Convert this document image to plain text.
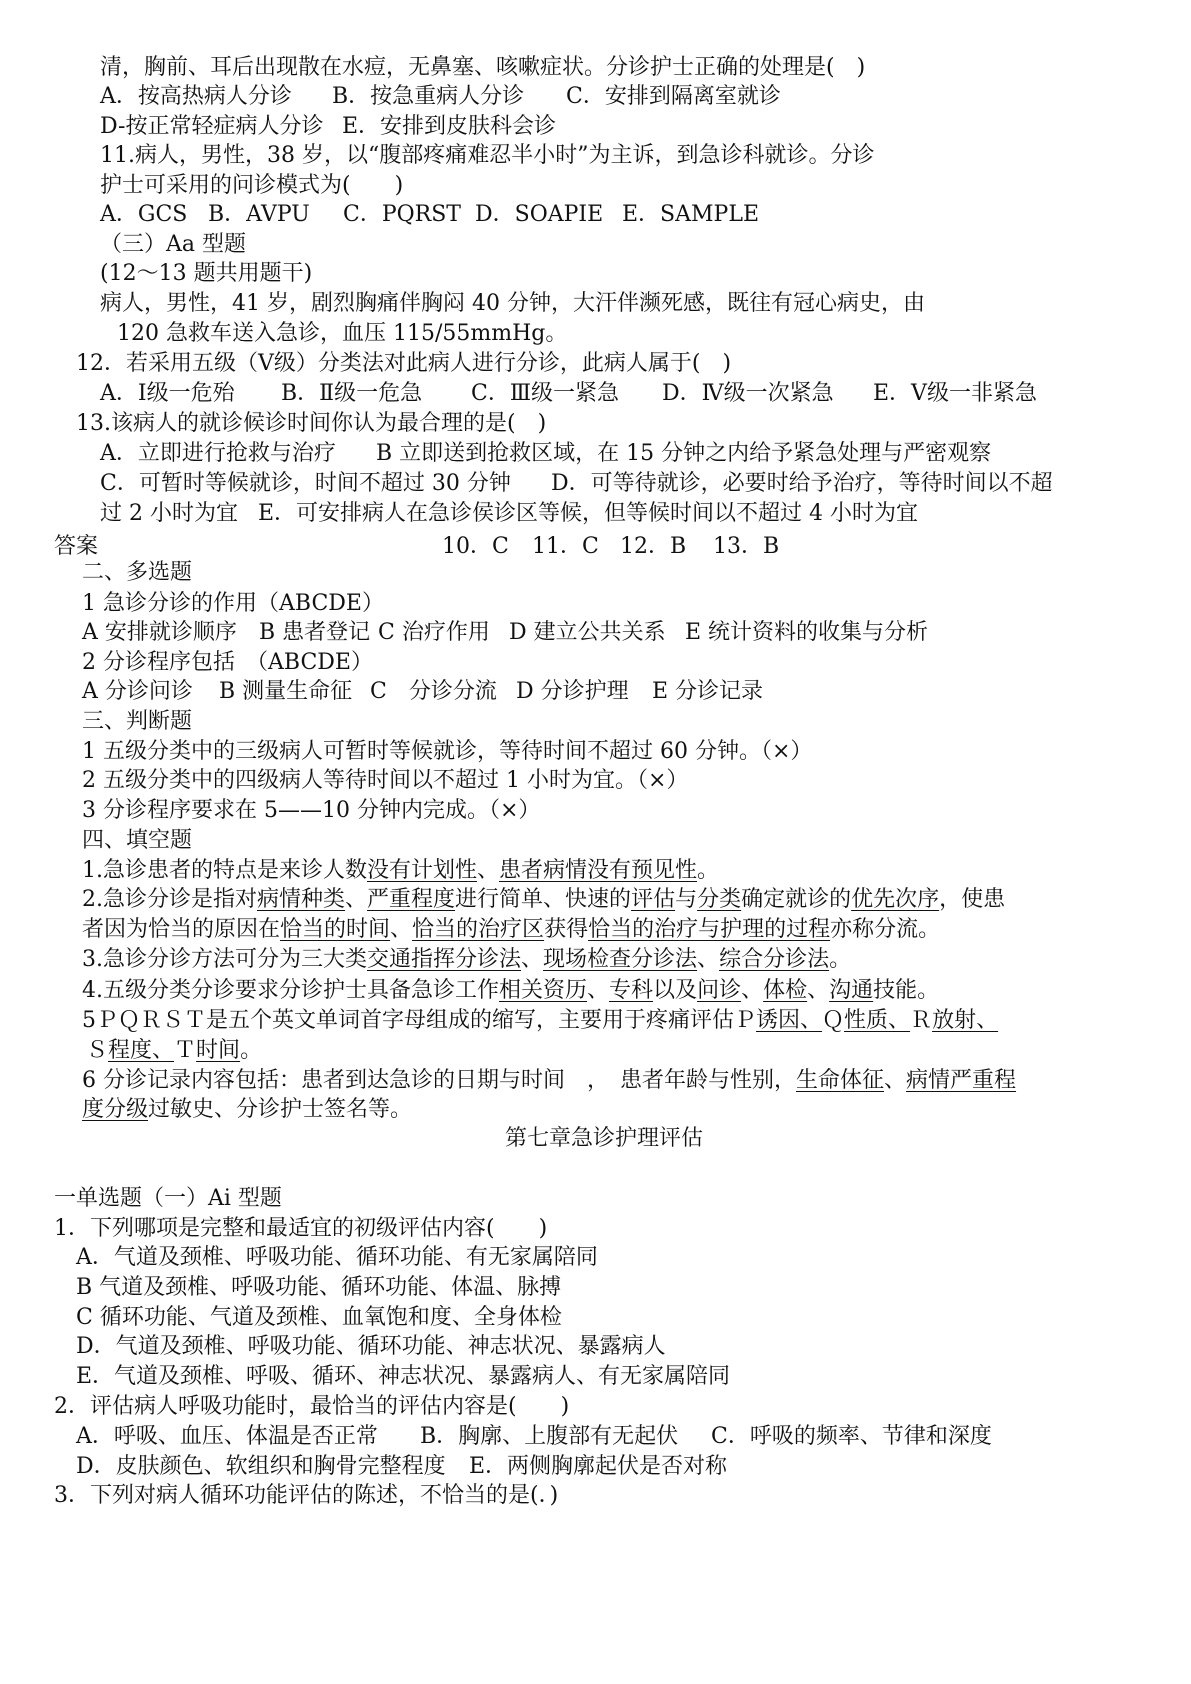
清，胸前、耳后出现散在水痘，无鼻塞、咳嗽症状。分诊护士正确的处理是(　)
A．按高热病人分诊 B．按急重病人分诊 C．安排到隔离室就诊
D-按正常轻症病人分诊 E．安排到皮肤科会诊
11.病人，男性，38 岁，以“腹部疼痛难忍半小时”为主诉，到急诊科就诊。分诊
护士可采用的问诊模式为(　　)
A．GCS B．AVPU C．PQRST D．SOAPIE E．SAMPLE
（三）Aa 型题
(12～13 题共用题干)
病人，男性，41 岁，剧烈胸痛伴胸闷 40 分钟，大汗伴濒死感，既往有冠心病史，由
120 急救车送入急诊，血压 115/55mmHg。
12．若采用五级（Ⅴ级）分类法对此病人进行分诊，此病人属于(　)
A．Ⅰ级一危殆 B．Ⅱ级一危急 C．Ⅲ级一紧急 D．Ⅳ级一次紧急 E．Ⅴ级一非紧急
13.该病人的就诊候诊时间你认为最合理的是(　)
A．立即进行抢救与治疗 B 立即送到抢救区域，在 15 分钟之内给予紧急处理与严密观察
C．可暂时等候就诊，时间不超过 30 分钟 D．可等待就诊，必要时给予治疗，等待时间以不超
过 2 小时为宜 E．可安排病人在急诊侯诊区等候，但等候时间以不超过 4 小时为宜
答案	10．C 11．C 12．B 13．B
二、多选题
1 急诊分诊的作用（ABCDE）
A 安排就诊顺序 B 患者登记 C 治疗作用 D 建立公共关系 E 统计资料的收集与分析
2 分诊程序包括　（ABCDE）
A 分诊问诊 B 测量生命征 C　分诊分流 D 分诊护理 E 分诊记录
三、判断题
1 五级分类中的三级病人可暂时等候就诊，等待时间不超过 60 分钟。（×）
2 五级分类中的四级病人等待时间以不超过 1 小时为宜。（×）
3 分诊程序要求在 5——10 分钟内完成。（×）
四、填空题
1.急诊患者的特点是来诊人数没有计划性、患者病情没有预见性。
2.急诊分诊是指对病情种类、严重程度进行简单、快速的评估与分类确定就诊的优先次序，使患
者因为恰当的原因在恰当的时间、恰当的治疗区获得恰当的治疗与护理的过程亦称分流。
3.急诊分诊方法可分为三大类交通指挥分诊法、现场检查分诊法、综合分诊法。
4.五级分类分诊要求分诊护士具备急诊工作相关资历、专科以及问诊、体检、沟通技能。
5ＰＱＲＳＴ是五个英文单词首字母组成的缩写，主要用于疼痛评估Ｐ诱因、Ｑ性质、Ｒ放射、
Ｓ程度、Ｔ时间。
6 分诊记录内容包括：患者到达急诊的日期与时间　，　患者年龄与性别，生命体征、病情严重程
度分级过敏史、分诊护士签名等。
第七章急诊护理评估
一单选题（一）Ai 型题
1．下列哪项是完整和最适宜的初级评估内容(　　)
A．气道及颈椎、呼吸功能、循环功能、有无家属陪同
B 气道及颈椎、呼吸功能、循环功能、体温、脉搏
C 循环功能、气道及颈椎、血氧饱和度、全身体检
D．气道及颈椎、呼吸功能、循环功能、神志状况、暴露病人
E．气道及颈椎、呼吸、循环、神志状况、暴露病人、有无家属陪同
2．评估病人呼吸功能时，最恰当的评估内容是(　　)
A．呼吸、血压、体温是否正常 B．胸廓、上腹部有无起伏 C．呼吸的频率、节律和深度
D．皮肤颜色、软组织和胸骨完整程度 E．两侧胸廓起伏是否对称
3．下列对病人循环功能评估的陈述，不恰当的是(．)
